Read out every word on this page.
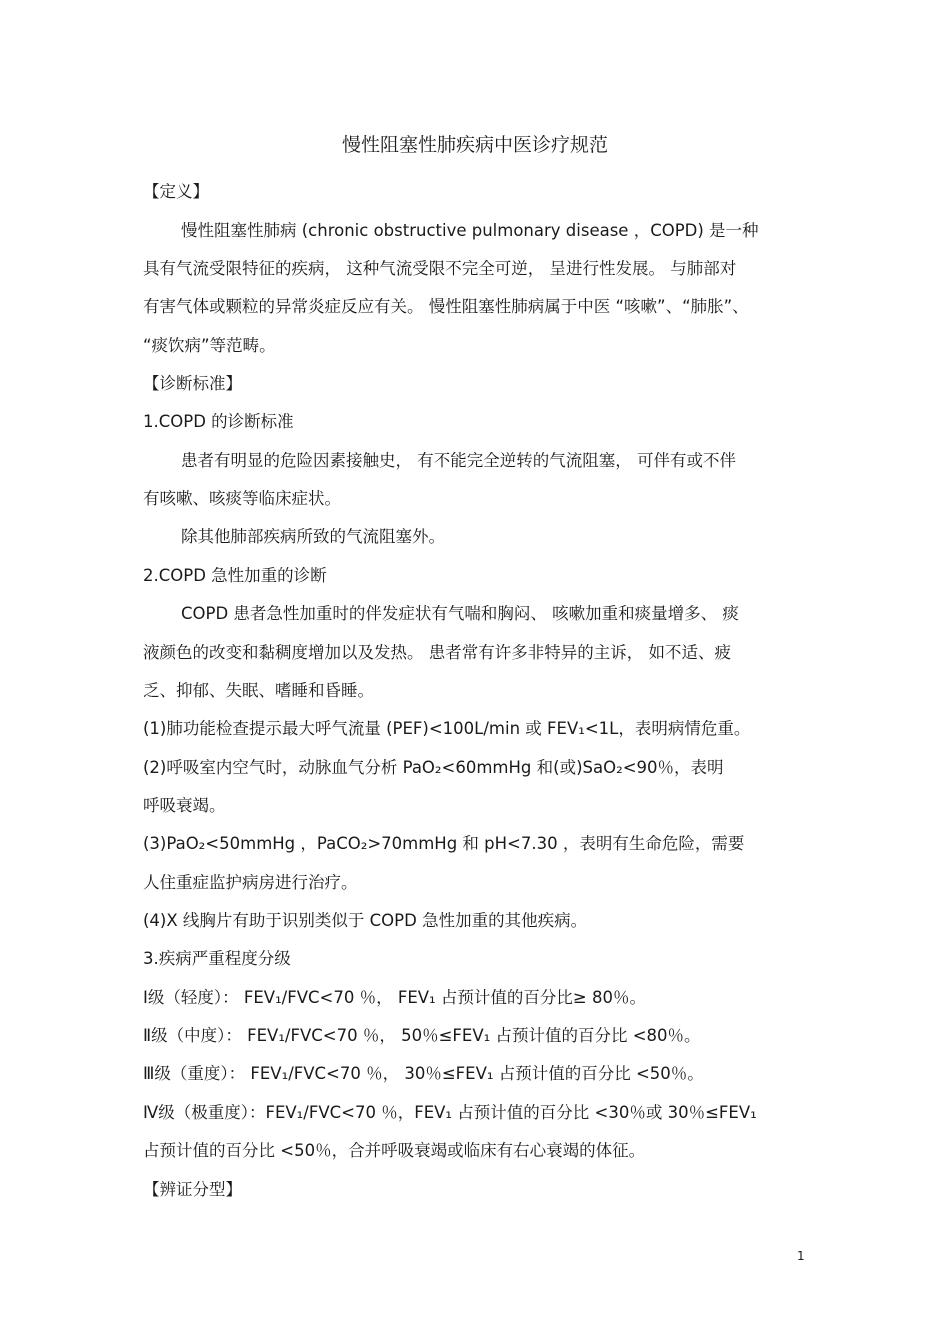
慢性阻塞性肺疾病中医诊疗规范
【定义】
慢性阻塞性肺病 (chronic obstructive pulmonary disease ，COPD) 是一种
具有气流受限特征的疾病， 这种气流受限不完全可逆， 呈进行性发展。 与肺部对
有害气体或颗粒的异常炎症反应有关。 慢性阻塞性肺病属于中医 “咳嗽”、“肺胀”、
“痰饮病”等范畴。
【诊断标准】
1.COPD 的诊断标准
患者有明显的危险因素接触史， 有不能完全逆转的气流阻塞， 可伴有或不伴
有咳嗽、咳痰等临床症状。
除其他肺部疾病所致的气流阻塞外。
2.COPD 急性加重的诊断
COPD 患者急性加重时的伴发症状有气喘和胸闷、 咳嗽加重和痰量增多、 痰
液颜色的改变和黏稠度增加以及发热。 患者常有许多非特异的主诉， 如不适、疲
乏、抑郁、失眠、嗜睡和昏睡。
(1)肺功能检查提示最大呼气流量 (PEF)<100L/min 或 FEV₁<1L，表明病情危重。
(2)呼吸室内空气时，动脉血气分析 PaO₂<60mmHg 和(或)SaO₂<90％，表明
呼吸衰竭。
(3)PaO₂<50mmHg ，PaCO₂>70mmHg 和 pH<7.30 ，表明有生命危险，需要
人住重症监护病房进行治疗。
(4)X 线胸片有助于识别类似于 COPD 急性加重的其他疾病。
3.疾病严重程度分级
Ⅰ级（轻度）： FEV₁/FVC<70 ％， FEV₁ 占预计值的百分比≥ 80％。
Ⅱ级（中度）： FEV₁/FVC<70 ％， 50％≤FEV₁ 占预计值的百分比 <80％。
Ⅲ级（重度）： FEV₁/FVC<70 ％， 30％≤FEV₁ 占预计值的百分比 <50％。
Ⅳ级（极重度）：FEV₁/FVC<70 ％，FEV₁ 占预计值的百分比 <30％或 30％≤FEV₁
占预计值的百分比 <50％，合并呼吸衰竭或临床有右心衰竭的体征。
【辨证分型】
1
